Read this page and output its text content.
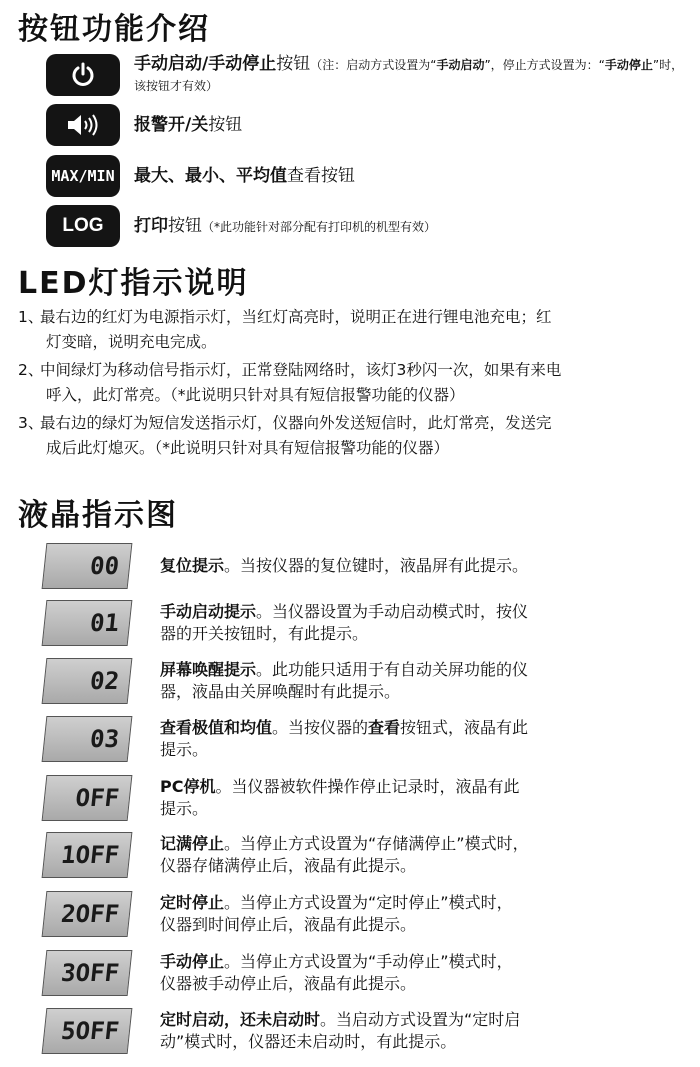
按钮功能介绍
手动启动/手动停止按钮（注：启动方式设置为“手动启动”，停止方式设置为：“手动停止”时，该按钮才有效）
报警开/关按钮
MAX/MIN	最大、最小、平均值查看按钮
LOG	打印按钮（*此功能针对部分配有打印机的机型有效）
LED灯指示说明
1、最右边的红灯为电源指示灯，当红灯高亮时，说明正在进行锂电池充电；红
灯变暗，说明充电完成。
2、中间绿灯为移动信号指示灯，正常登陆网络时，该灯3秒闪一次，如果有来电
呼入，此灯常亮。（*此说明只针对具有短信报警功能的仪器）
3、最右边的绿灯为短信发送指示灯，仪器向外发送短信时，此灯常亮，发送完
成后此灯熄灭。（*此说明只针对具有短信报警功能的仪器）
液晶指示图
00	复位提示。当按仪器的复位键时，液晶屏有此提示。
01	手动启动提示。当仪器设置为手动启动模式时，按仪
器的开关按钮时，有此提示。
02	屏幕唤醒提示。此功能只适用于有自动关屏功能的仪
器，液晶由关屏唤醒时有此提示。
03	查看极值和均值。当按仪器的查看按钮式，液晶有此
提示。
OFF	PC停机。当仪器被软件操作停止记录时，液晶有此
提示。
1OFF	记满停止。当停止方式设置为“存储满停止”模式时，
仪器存储满停止后，液晶有此提示。
2OFF	定时停止。当停止方式设置为“定时停止”模式时，
仪器到时间停止后，液晶有此提示。
3OFF	手动停止。当停止方式设置为“手动停止”模式时，
仪器被手动停止后，液晶有此提示。
5OFF	定时启动，还未启动时。当启动方式设置为“定时启
动”模式时，仪器还未启动时，有此提示。
